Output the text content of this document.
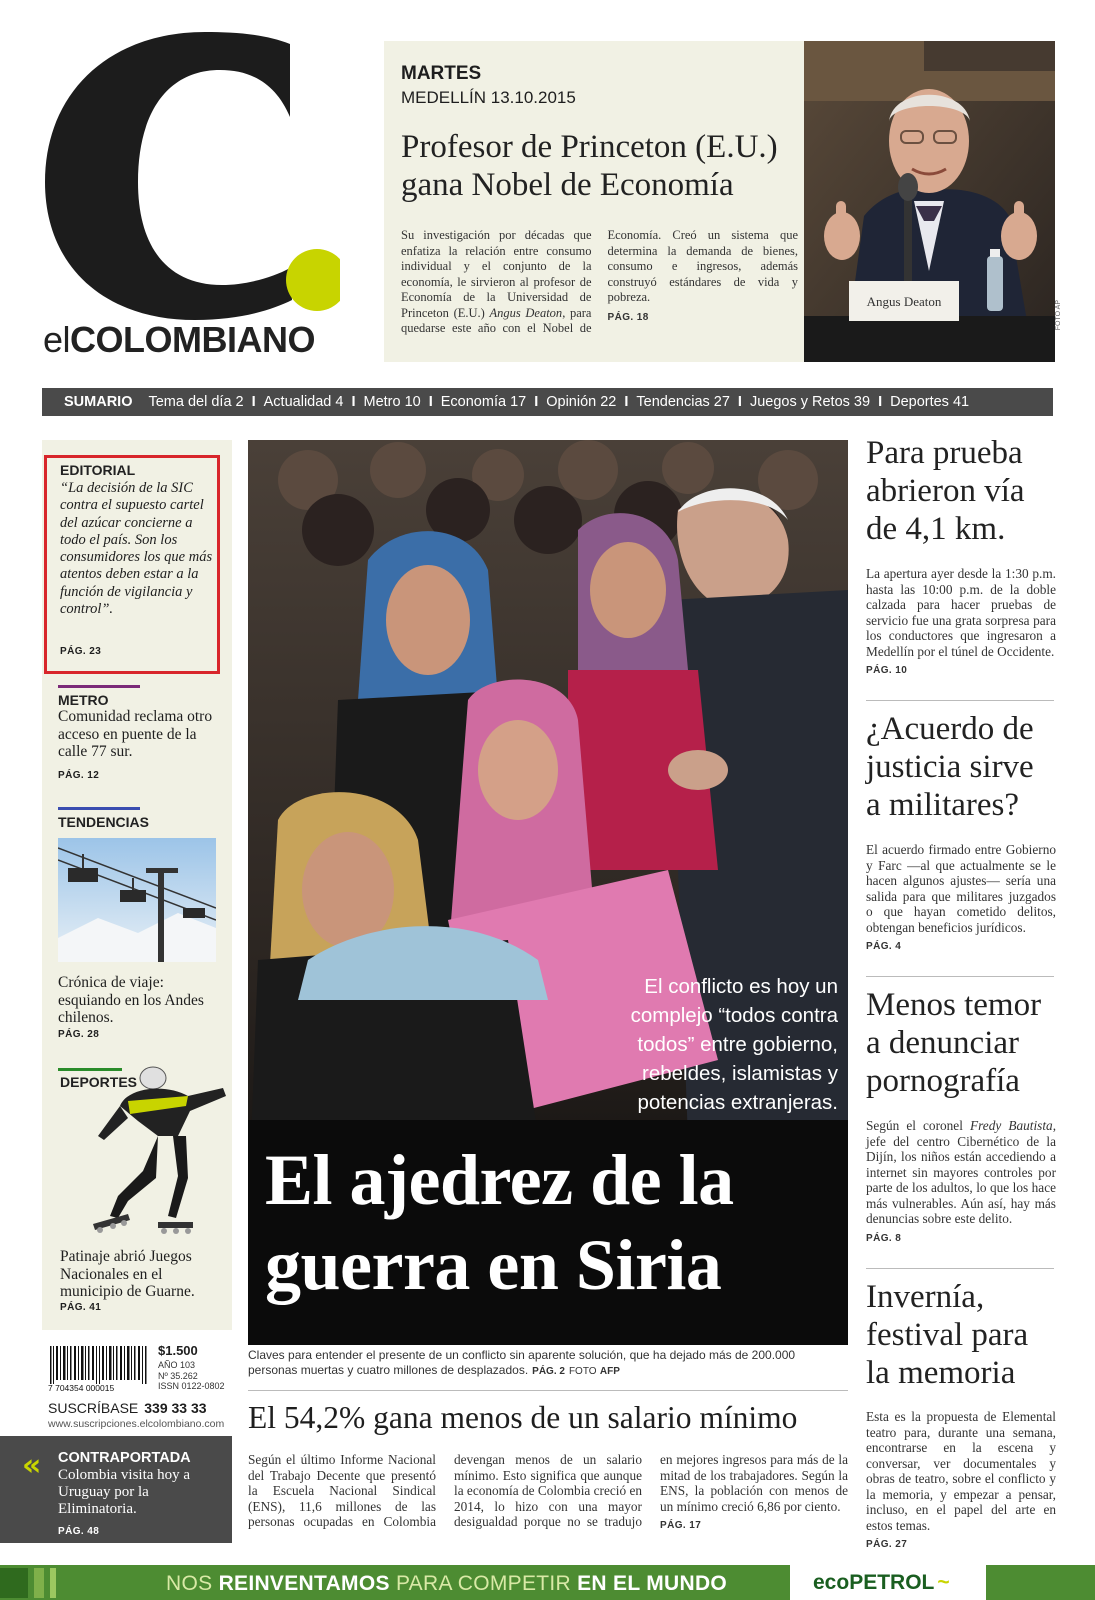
elCOLOMBIANO
MARTES
MEDELLÍN 13.10.2015
Profesor de Princeton (E.U.) gana Nobel de Economía
Su investigación por décadas que enfatiza la relación entre consumo individual y el conjunto de la economía, le sirvieron al profesor de Economía de la Universidad de Princeton (E.U.) Angus Deaton, para quedarse este año con el Nobel de Economía. Creó un sistema que determina la demanda de bienes, consumo e ingresos, además construyó estándares de vida y pobreza.
PÁG. 18
Angus Deaton	FOTO AP
SUMARIO Tema del día 2 I Actualidad 4 I Metro 10 I Economía 17 I Opinión 22 I Tendencias 27 I Juegos y Retos 39 I Deportes 41
EDITORIAL
“La decisión de la SIC contra el supuesto cartel del azúcar concierne a todo el país. Son los consumidores los que más atentos deben estar a la función de vigilancia y control”.
PÁG. 23
METRO
Comunidad reclama otro acceso en puente de la calle 77 sur.
PÁG. 12
TENDENCIAS
Crónica de viaje: esquiando en los Andes chilenos.
PÁG. 28
DEPORTES
Patinaje abrió Juegos Nacionales en el municipio de Guarne.
PÁG. 41
7 704354 000015
$1.500
AÑO 103
Nº 35.262
ISSN 0122-0802
SUSCRÍBASE 339 33 33
www.suscripciones.elcolombiano.com
« CONTRAPORTADA
Colombia visita hoy a Uruguay por la Eliminatoria.
PÁG. 48
El conflicto es hoy un complejo “todos contra todos” entre gobierno, rebeldes, islamistas y potencias extranjeras.
El ajedrez de la guerra en Siria
Claves para entender el presente de un conflicto sin aparente solución, que ha dejado más de 200.000 personas muertas y cuatro millones de desplazados. PÁG. 2 FOTO AFP
El 54,2% gana menos de un salario mínimo
Según el último Informe Nacional del Trabajo Decente que presentó la Escuela Nacional Sindical (ENS), 11,6 millones de las personas ocupadas en Colombia devengan menos de un salario mínimo. Esto significa que aunque la economía de Colombia creció en 2014, lo hizo con una mayor desigualdad porque no se tradujo en mejores ingresos para más de la mitad de los trabajadores. Según la ENS, la población con menos de un mínimo creció 6,86 por ciento.
PÁG. 17
Para prueba abrieron vía de 4,1 km.
La apertura ayer desde la 1:30 p.m. hasta las 10:00 p.m. de la doble calzada para hacer pruebas de servicio fue una grata sorpresa para los conductores que ingresaron a Medellín por el túnel de Occidente.
PÁG. 10
¿Acuerdo de justicia sirve a militares?
El acuerdo firmado entre Gobierno y Farc —al que actualmente se le hacen algunos ajustes— sería una salida para que militares juzgados o que hayan cometido delitos, obtengan beneficios jurídicos.
PÁG. 4
Menos temor a denunciar pornografía
Según el coronel Fredy Bautista, jefe del centro Cibernético de la Dijín, los niños están accediendo a internet sin mayores controles por parte de los adultos, lo que los hace más vulnerables. Aún así, hay más denuncias sobre este delito.
PÁG. 8
Invernía, festival para la memoria
Esta es la propuesta de Elemental teatro para, durante una semana, encontrarse en la escena y conversar, ver documentales y obras de teatro, sobre el conflicto y la memoria, y empezar a pensar, incluso, en el papel del arte en estos temas.
PÁG. 27
NOS REINVENTAMOS PARA COMPETIR EN EL MUNDO	ecoPETROL ~
